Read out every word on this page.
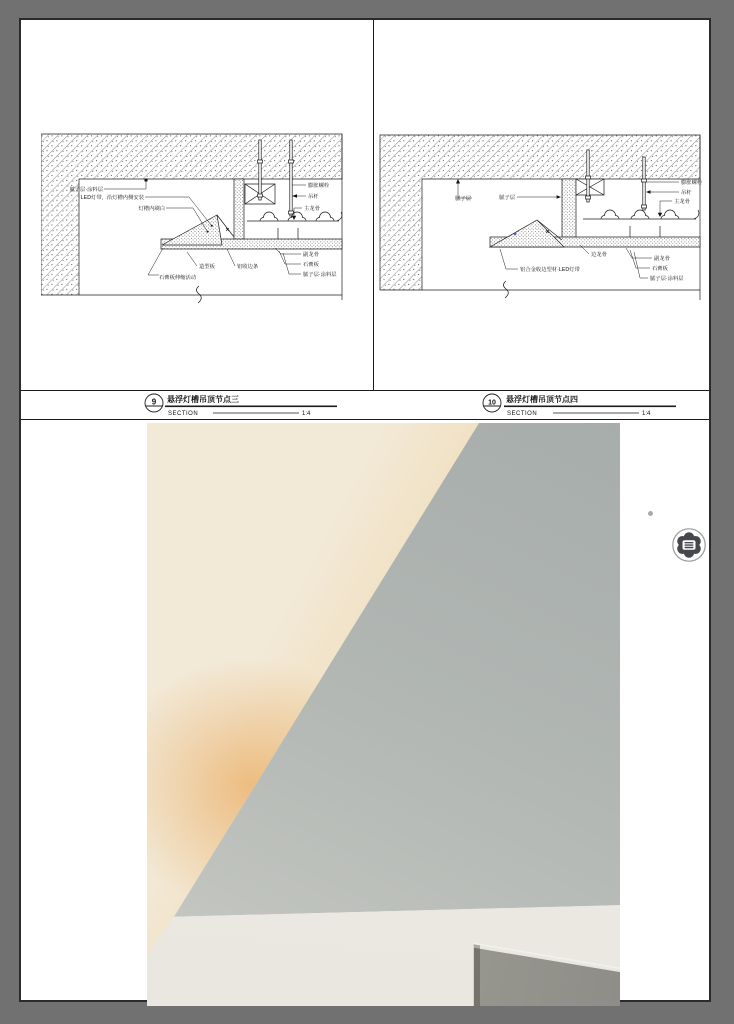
腻子层·涂料层
LED灯带，沿灯槽内侧安装
灯槽内刷白
膨胀螺栓
吊杆
主龙骨
副龙骨
石膏板
腻子层·涂料层
造型板	铝收边条
石膏板伸缩活动
腻子层	腻子层
膨胀螺栓
吊杆
主龙骨
铝合金收边型材·LED灯带
边龙骨
副龙骨
石膏板
腻子层·涂料层
9 悬浮灯槽吊顶节点三
SECTION	1:4
10 悬浮灯槽吊顶节点四
SECTION	1:4
